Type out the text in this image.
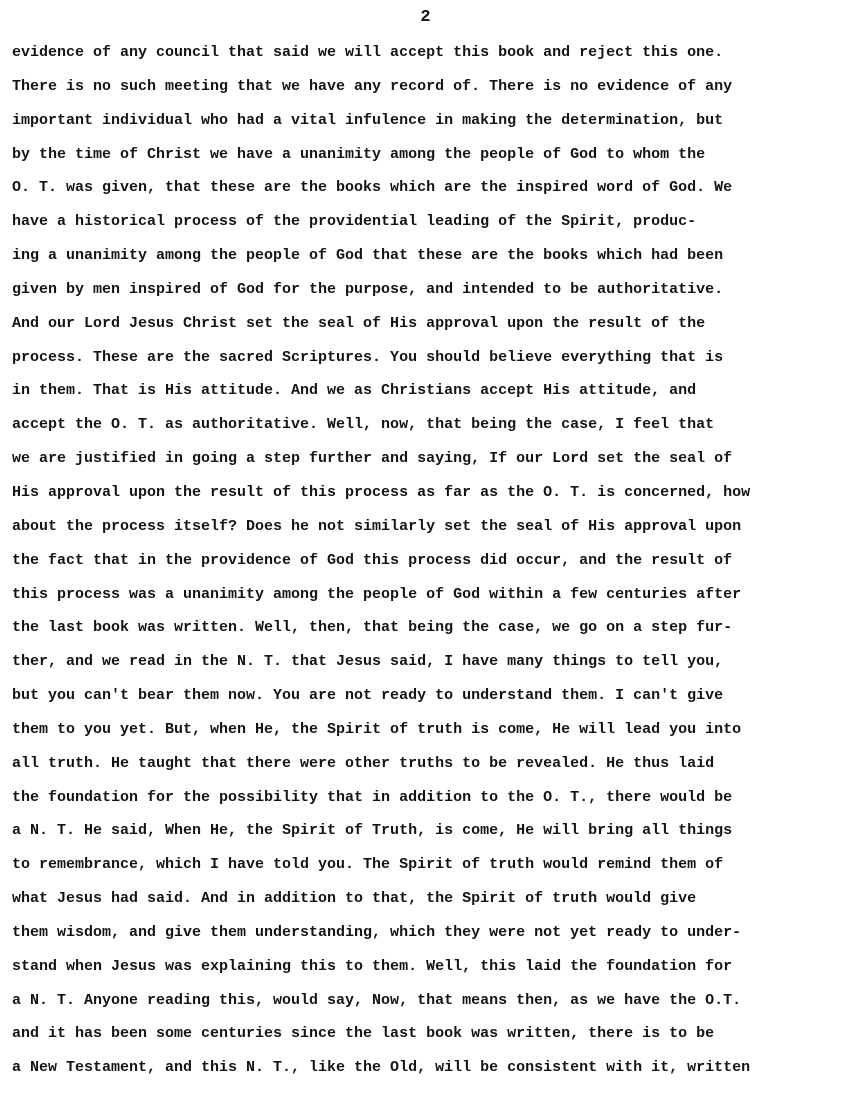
2
evidence of any council that said we will accept this book and reject this one.
There is no such meeting that we have any record of. There is no evidence of any
important individual who had a vital infulence in making the determination, but
by the time of Christ we have a unanimity among the people of God to whom the
O. T. was given, that these are the books which are the inspired word of God. We
have a historical process of the providential leading of the Spirit, produc-
ing a unanimity among the people of God that these are the books which had been
given by men inspired of God for the purpose, and intended to be authoritative.
And our Lord Jesus Christ set the seal of His approval upon the result of the
process. These are the sacred Scriptures. You should believe everything that is
in them. That is His attitude. And we as Christians accept His attitude, and
accept the O. T. as authoritative. Well, now, that being the case, I feel that
we are justified in going a step further and saying, If our Lord set the seal of
His approval upon the result of this process as far as the O. T. is concerned, how
about the process itself? Does he not similarly set the seal of His approval upon
the fact that in the providence of God this process did occur, and the result of
this process was a unanimity among the people of God within a few centuries after
the last book was written. Well, then, that being the case, we go on a step fur-
ther, and we read in the N. T. that Jesus said, I have many things to tell you,
but you can't bear them now. You are not ready to understand them. I can't give
them to you yet. But, when He, the Spirit of truth is come, He will lead you into
all truth. He taught that there were other truths to be revealed. He thus laid
the foundation for the possibility that in addition to the O. T., there would be
a N. T. He said, When He, the Spirit of Truth, is come, He will bring all things
to remembrance, which I have told you. The Spirit of truth would remind them of
what Jesus had said. And in addition to that, the Spirit of truth would give
them wisdom, and give them understanding, which they were not yet ready to under-
stand when Jesus was explaining this to them. Well, this laid the foundation for
a N. T. Anyone reading this, would say, Now, that means then, as we have the O.T.
and it has been some centuries since the last book was written, there is to be
a New Testament, and this N. T., like the Old, will be consistent with it, written
